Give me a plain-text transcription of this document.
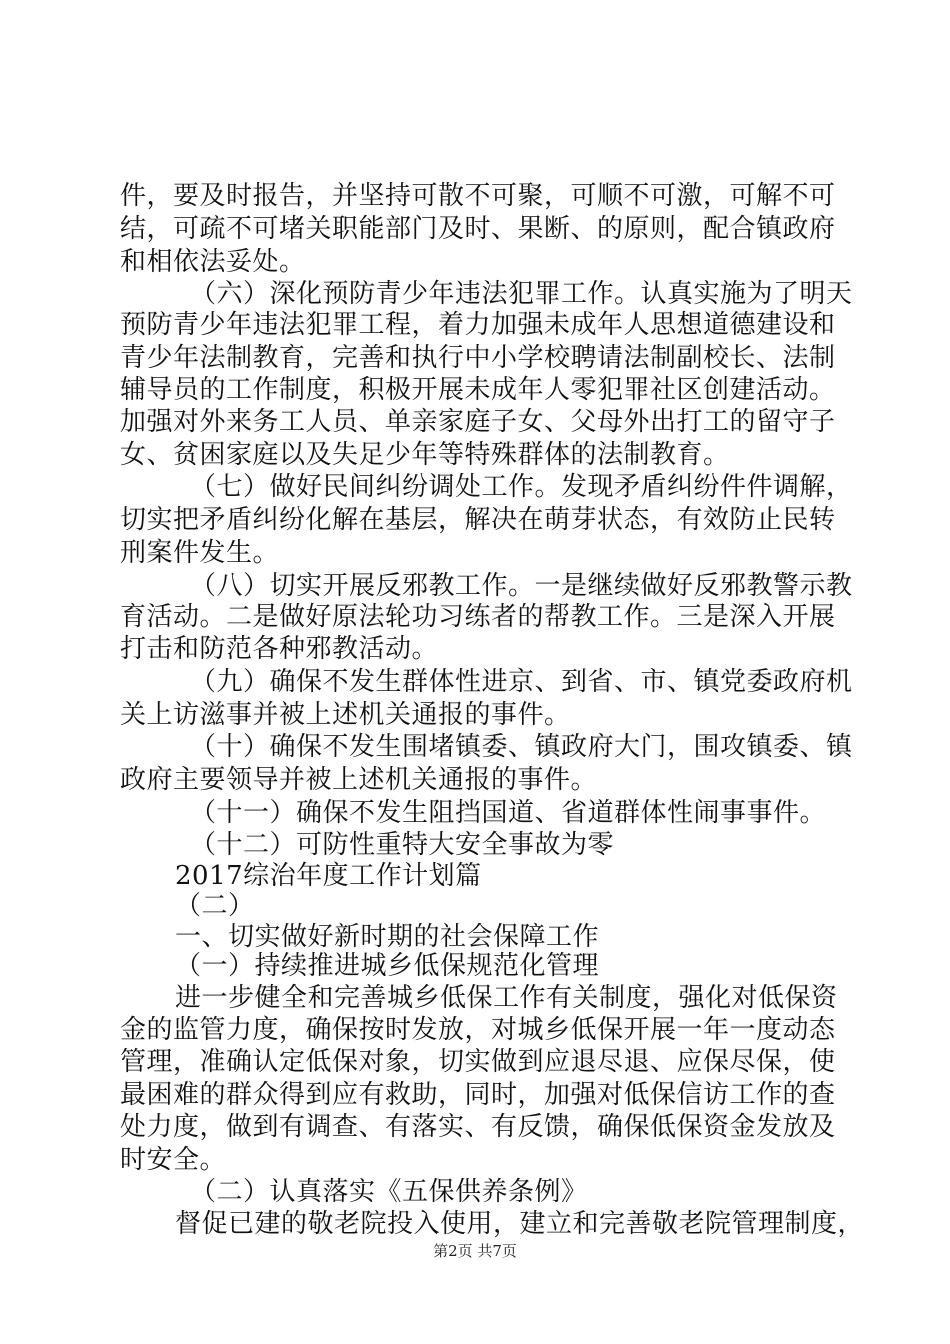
件，要及时报告，并坚持可散不可聚，可顺不可激，可解不可
结，可疏不可堵关职能部门及时、果断、的原则，配合镇政府
和相依法妥处。
（六）深化预防青少年违法犯罪工作。认真实施为了明天
预防青少年违法犯罪工程，着力加强未成年人思想道德建设和
青少年法制教育，完善和执行中小学校聘请法制副校长、法制
辅导员的工作制度，积极开展未成年人零犯罪社区创建活动。
加强对外来务工人员、单亲家庭子女、父母外出打工的留守子
女、贫困家庭以及失足少年等特殊群体的法制教育。
（七）做好民间纠纷调处工作。发现矛盾纠纷件件调解，
切实把矛盾纠纷化解在基层，解决在萌芽状态，有效防止民转
刑案件发生。
（八）切实开展反邪教工作。一是继续做好反邪教警示教
育活动。二是做好原法轮功习练者的帮教工作。三是深入开展
打击和防范各种邪教活动。
（九）确保不发生群体性进京、到省、市、镇党委政府机
关上访滋事并被上述机关通报的事件。
（十）确保不发生围堵镇委、镇政府大门，围攻镇委、镇
政府主要领导并被上述机关通报的事件。
（十一）确保不发生阻挡国道、省道群体性闹事事件。
（十二）可防性重特大安全事故为零
2017综治年度工作计划篇
（二）
一、切实做好新时期的社会保障工作
（一）持续推进城乡低保规范化管理
进一步健全和完善城乡低保工作有关制度，强化对低保资
金的监管力度，确保按时发放，对城乡低保开展一年一度动态
管理，准确认定低保对象，切实做到应退尽退、应保尽保，使
最困难的群众得到应有救助，同时，加强对低保信访工作的查
处力度，做到有调查、有落实、有反馈，确保低保资金发放及
时安全。
（二）认真落实《五保供养条例》
督促已建的敬老院投入使用，建立和完善敬老院管理制度，
第2页 共7页
